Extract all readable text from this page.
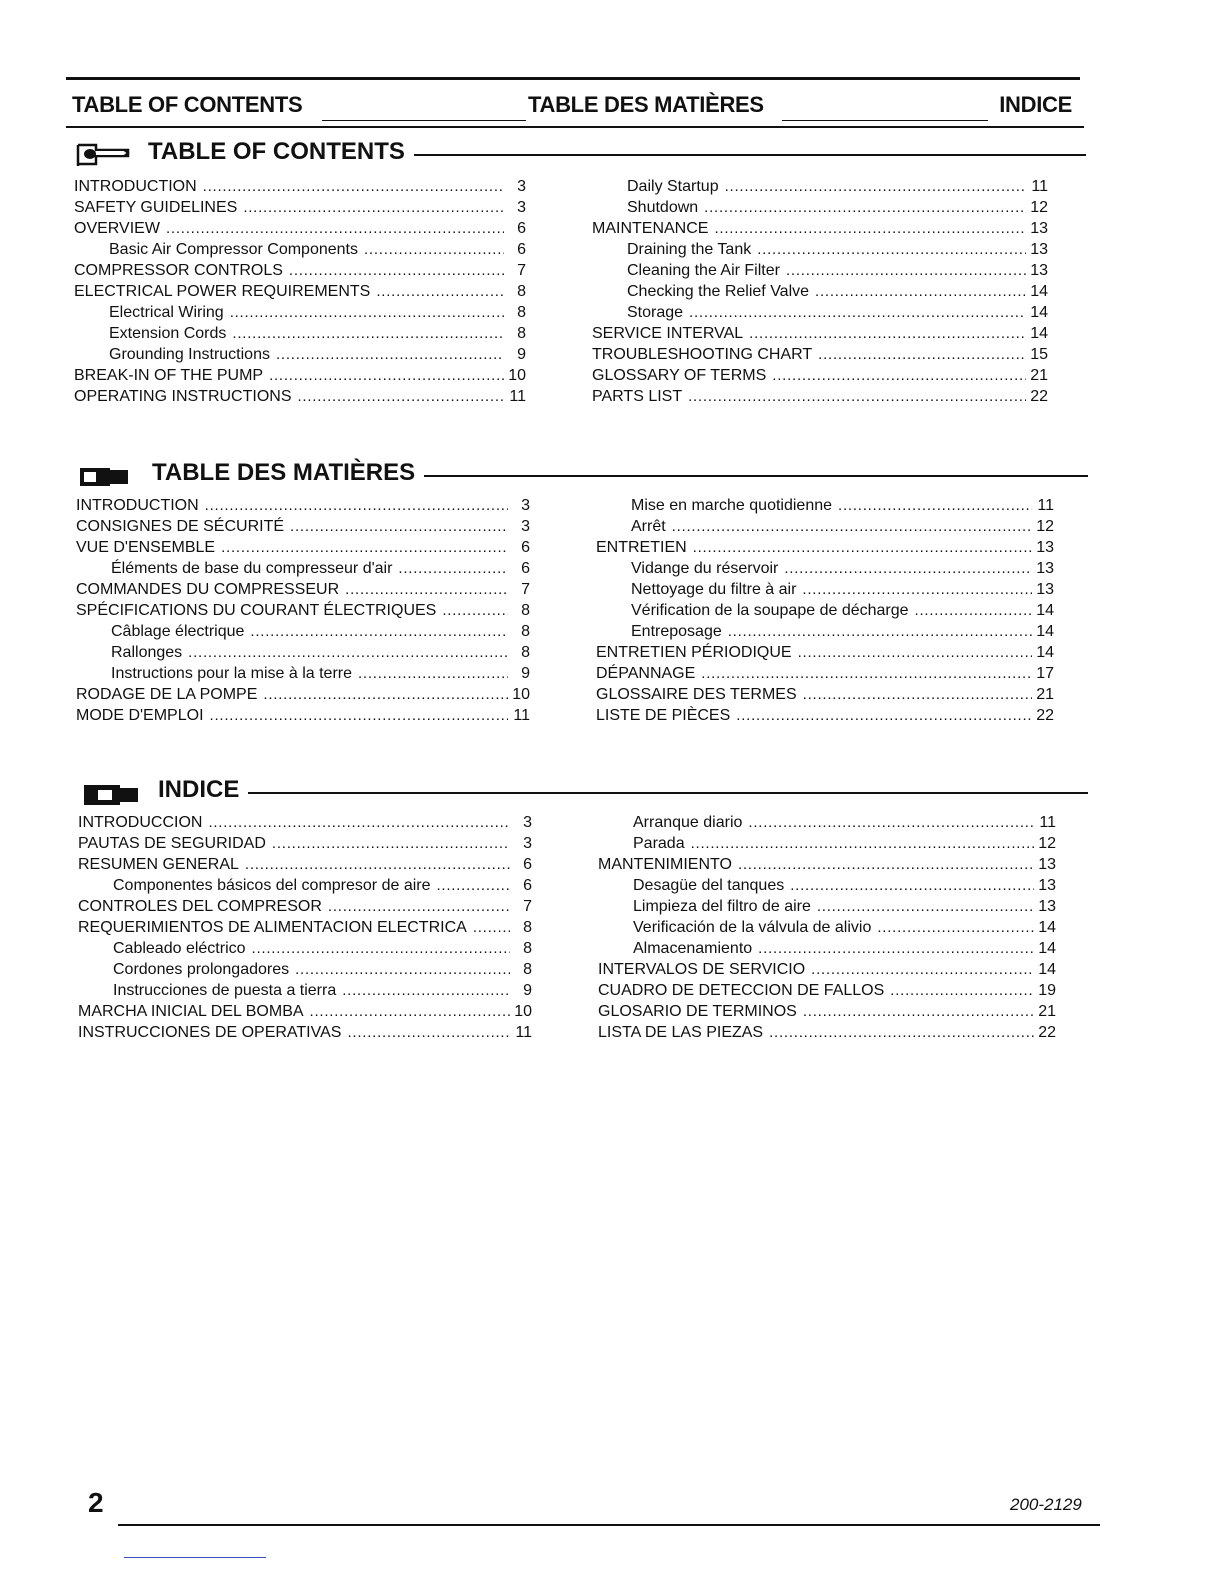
TABLE OF CONTENTS	TABLE DES MATIÈRES	INDICE
TABLE OF CONTENTS
INTRODUCTION . . .	3
SAFETY GUIDELINES . . .	3
OVERVIEW . . .	6
Basic Air Compressor Components . . .	6
COMPRESSOR CONTROLS . . .	7
ELECTRICAL POWER REQUIREMENTS . . .	8
Electrical Wiring . . .	8
Extension Cords . . .	8
Grounding Instructions . . .	9
BREAK-IN OF THE PUMP . . .	10
OPERATING INSTRUCTIONS . . .	11
Daily Startup . . .	11
Shutdown . . .	12
MAINTENANCE . . .	13
Draining the Tank . . .	13
Cleaning the Air Filter . . .	13
Checking the Relief Valve . . .	14
Storage . . .	14
SERVICE INTERVAL . . .	14
TROUBLESHOOTING CHART . . .	15
GLOSSARY OF TERMS . . .	21
PARTS LIST . . .	22
TABLE DES MATIÈRES
INTRODUCTION . . .	3
CONSIGNES DE SÉCURITÉ . . .	3
VUE D'ENSEMBLE . . .	6
Éléments de base du compresseur d'air . . .	6
COMMANDES DU COMPRESSEUR . . .	7
SPÉCIFICATIONS DU COURANT ÉLECTRIQUES . . .	8
Câblage électrique . . .	8
Rallonges . . .	8
Instructions pour la mise à la terre . . .	9
RODAGE DE LA POMPE . . .	10
MODE D'EMPLOI . . .	11
Mise en marche quotidienne . . .	11
Arrêt . . .	12
ENTRETIEN . . .	13
Vidange du réservoir . . .	13
Nettoyage du filtre à air . . .	13
Vérification de la soupape de décharge . . .	14
Entreposage . . .	14
ENTRETIEN PÉRIODIQUE . . .	14
DÉPANNAGE . . .	17
GLOSSAIRE DES TERMES . . .	21
LISTE DE PIÈCES . . .	22
INDICE
INTRODUCCION . . .	3
PAUTAS DE SEGURIDAD . . .	3
RESUMEN GENERAL . . .	6
Componentes básicos del compresor de aire . . .	6
CONTROLES DEL COMPRESOR . . .	7
REQUERIMIENTOS DE ALIMENTACION ELECTRICA . . .	8
Cableado eléctrico . . .	8
Cordones prolongadores . . .	8
Instrucciones de puesta a tierra . . .	9
MARCHA INICIAL DEL BOMBA . . .	10
INSTRUCCIONES DE OPERATIVAS . . .	11
Arranque diario . . .	11
Parada . . .	12
MANTENIMIENTO . . .	13
Desagüe del tanques . . .	13
Limpieza del filtro de aire . . .	13
Verificación de la válvula de alivio . . .	14
Almacenamiento . . .	14
INTERVALOS DE SERVICIO . . .	14
CUADRO DE DETECCION DE FALLOS . . .	19
GLOSARIO DE TERMINOS . . .	21
LISTA DE LAS PIEZAS . . .	22
2	200-2129
